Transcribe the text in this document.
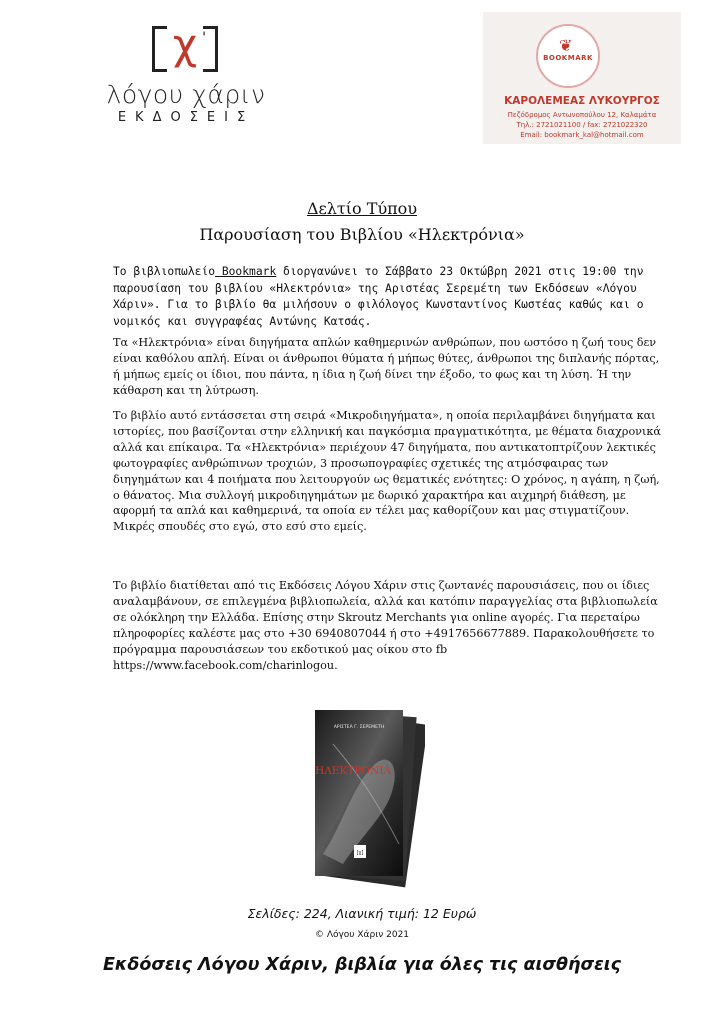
χ '
λόγου χάριν
ΕΚΔΟΣΕΙΣ
❦
BOOKMARK
ΚΑΡΟΛΕΜΕΑΣ ΛΥΚΟΥΡΓΟΣ
Πεζόδρομος Αντωνοπούλου 12, Καλαμάτα
Τηλ.: 2721021100 / fax: 2721022320
Email: bookmark_kal@hotmail.com
Δελτίο Τύπου
Παρουσίαση του Βιβλίου «Ηλεκτρόνια»
Το βιβλιοπωλείο Bookmark διοργανώνει το Σάββατο 23 Οκτώβρη 2021 στις 19:00 την παρουσίαση του βιβλίου «Ηλεκτρόνια» της Αριστέας Σερεμέτη των Εκδόσεων «Λόγου Χάριν». Για το βιβλίο θα μιλήσουν ο φιλόλογος Κωνσταντίνος Κωστέας καθώς και ο νομικός και συγγραφέας Αντώνης Κατσάς.
Τα «Ηλεκτρόνια» είναι διηγήματα απλών καθημερινών ανθρώπων, που ωστόσο η ζωή τους δεν είναι καθόλου απλή. Είναι οι άνθρωποι θύματα ή μήπως θύτες, άνθρωποι της διπλανής πόρτας, ή μήπως εμείς οι ίδιοι, που πάντα, η ίδια η ζωή δίνει την έξοδο, το φως και τη λύση. Ή την κάθαρση και τη λύτρωση.
Το βιβλίο αυτό εντάσσεται στη σειρά «Μικροδιηγήματα», η οποία περιλαμβάνει διηγήματα και ιστορίες, που βασίζονται στην ελληνική και παγκόσμια πραγματικότητα, με θέματα διαχρονικά αλλά και επίκαιρα. Τα «Ηλεκτρόνια» περιέχουν 47 διηγήματα, που αντικατοπτρίζουν λεκτικές φωτογραφίες ανθρώπινων τροχιών, 3 προσωπογραφίες σχετικές της ατμόσφαιρας των διηγημάτων και 4 ποιήματα που λειτουργούν ως θεματικές ενότητες: Ο χρόνος, η αγάπη, η ζωή, ο θάνατος. Μια συλλογή μικροδιηγημάτων με δωρικό χαρακτήρα και αιχμηρή διάθεση, με αφορμή τα απλά και καθημερινά, τα οποία εν τέλει μας καθορίζουν και μας στιγματίζουν. Μικρές σπουδές στο εγώ, στο εσύ στο εμείς.
Το βιβλίο διατίθεται από τις Εκδόσεις Λόγου Χάριν στις ζωντανές παρουσιάσεις, που οι ίδιες αναλαμβάνουν, σε επιλεγμένα βιβλιοπωλεία, αλλά και κατόπιν παραγγελίας στα βιβλιοπωλεία σε ολόκληρη την Ελλάδα. Επίσης στην Skroutz Merchants για online αγορές. Για περεταίρω πληροφορίες καλέστε μας στο +30 6940807044 ή στο +4917656677889. Παρακολουθήσετε το πρόγραμμα παρουσιάσεων του εκδοτικού μας οίκου στο fb https://www.facebook.com/charinlogou.
ΑΡΙΣΤΕΑ Γ. ΣΕΡΕΜΕΤΗ
ΗΛΕΚΤΡΟΝΙΑ
[χ]
Σελίδες: 224, Λιανική τιμή: 12 Ευρώ
© Λόγου Χάριν 2021
Εκδόσεις Λόγου Χάριν, βιβλία για όλες τις αισθήσεις
